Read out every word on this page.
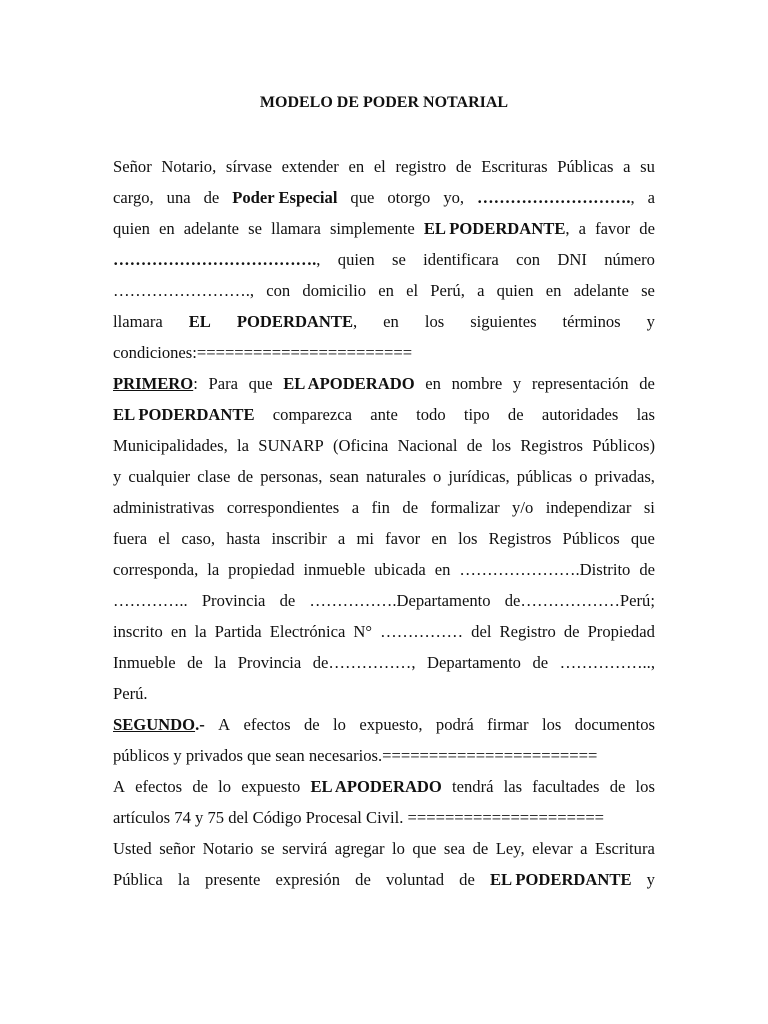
MODELO DE PODER NOTARIAL
Señor Notario, sírvase extender en el registro de Escrituras Públicas a su
cargo, una de Poder Especial que otorgo yo, ………………………., a
quien en adelante se llamara simplemente EL PODERDANTE, a favor de
………………………………., quien se identificara con DNI número
……………………., con domicilio en el Perú, a quien en adelante se
llamara EL PODERDANTE, en los siguientes términos y
condiciones:=======================
PRIMERO: Para que EL APODERADO en nombre y representación de
EL PODERDANTE comparezca ante todo tipo de autoridades las
Municipalidades, la SUNARP (Oficina Nacional de los Registros Públicos)
y cualquier clase de personas, sean naturales o jurídicas, públicas o privadas,
administrativas correspondientes a fin de formalizar y/o independizar si
fuera el caso, hasta inscribir a mi favor en los Registros Públicos que
corresponda, la propiedad inmueble ubicada en ………………….Distrito de
………….. Provincia de …………….Departamento de………………Perú;
inscrito en la Partida Electrónica N° …………… del Registro de Propiedad
Inmueble de la Provincia de……………, Departamento de ……………..,
Perú.
SEGUNDO.- A efectos de lo expuesto, podrá firmar los documentos
públicos y privados que sean necesarios.=======================
A efectos de lo expuesto EL APODERADO tendrá las facultades de los
artículos 74 y 75 del Código Procesal Civil. =====================
Usted señor Notario se servirá agregar lo que sea de Ley, elevar a Escritura
Pública la presente expresión de voluntad de EL PODERDANTE y
